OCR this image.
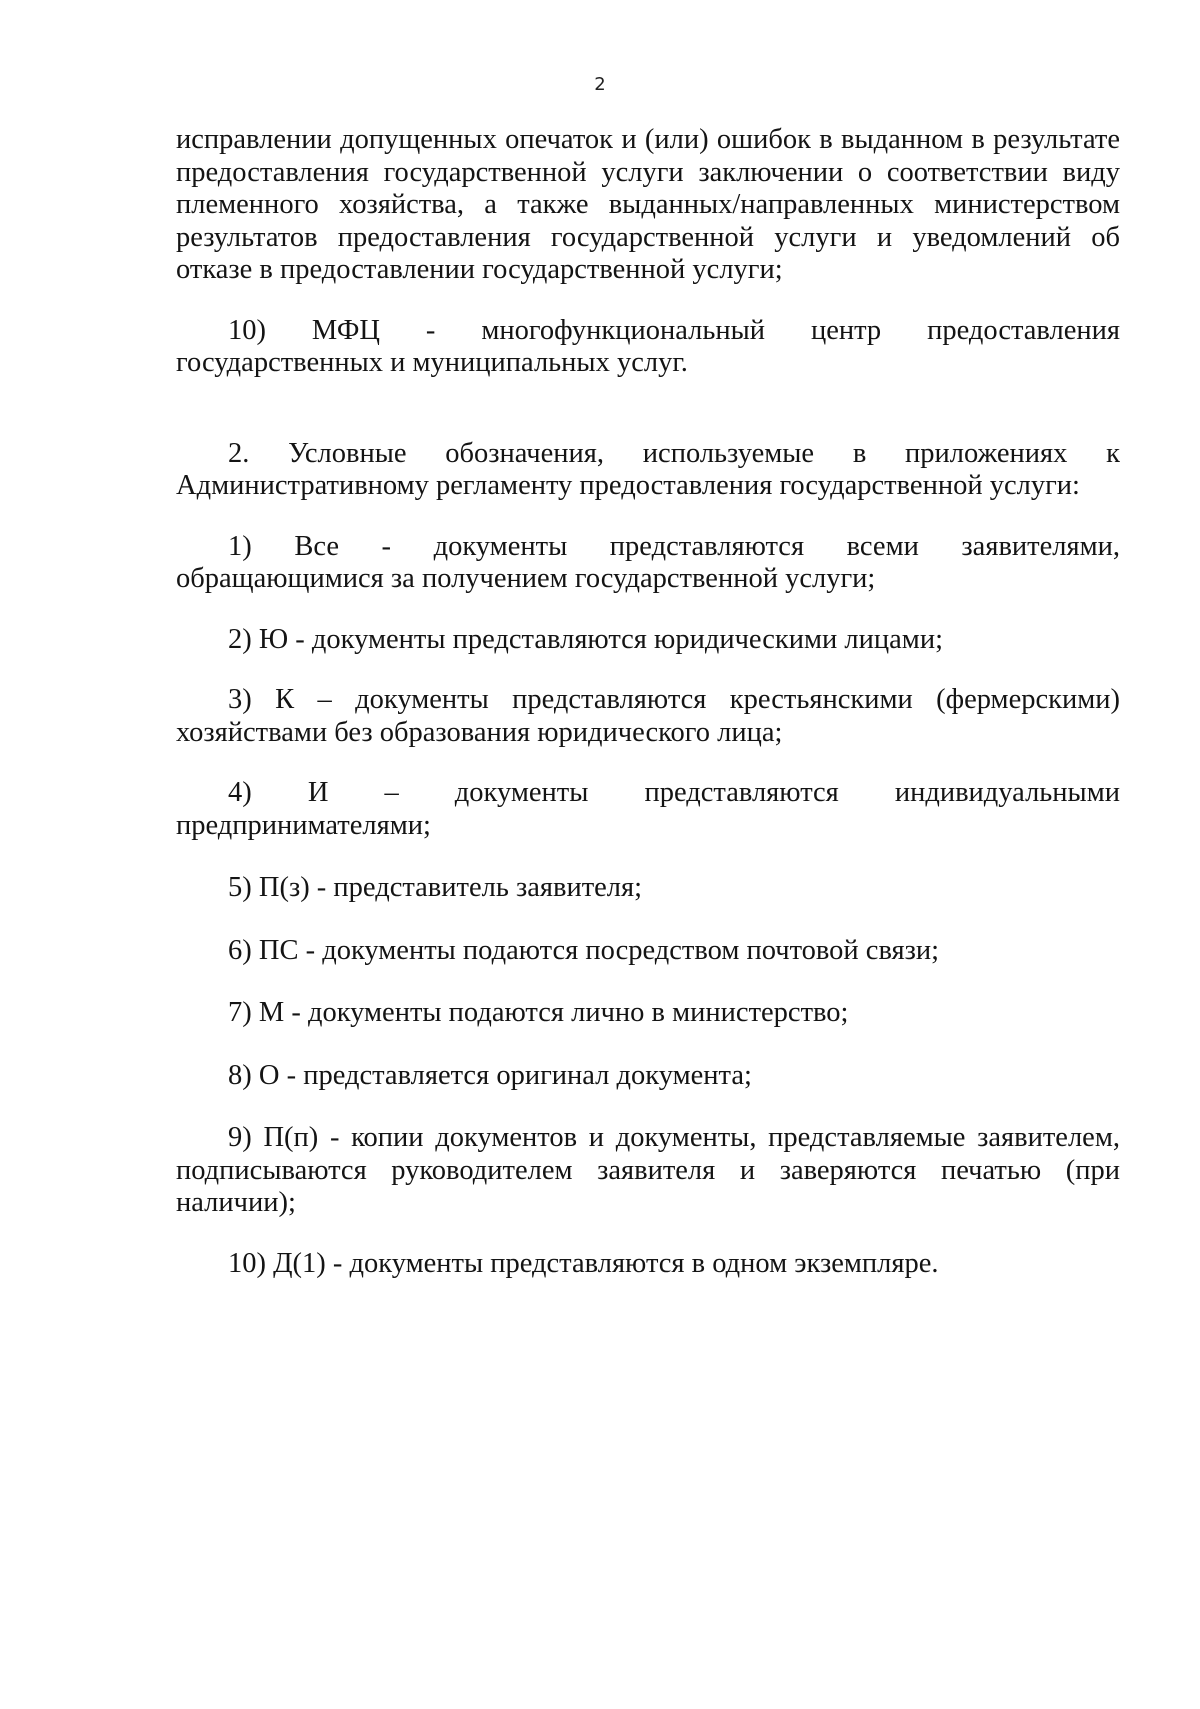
2

исправлении допущенных опечаток и (или) ошибок в выданном в результате предоставления государственной услуги заключении о соответствии виду племенного хозяйства, а также выданных/направленных министерством результатов предоставления государственной услуги и уведомлений об отказе в предоставлении государственной услуги;

10) МФЦ - многофункциональный центр предоставления

государственных и муниципальных услуг.

2. Условные обозначения, используемые в приложениях к Административному регламенту предоставления государственной услуги:

1) Все - документы представляются всеми заявителями, обращающимися за получением государственной услуги;

2) Ю - документы представляются юридическими лицами;

3) К – документы представляются крестьянскими (фермерскими) хозяйствами без образования юридического лица;

4) И – документы представляются индивидуальными предпринимателями;

5) П(з) - представитель заявителя;

6) ПС - документы подаются посредством почтовой связи;

7) М - документы подаются лично в министерство;

8) О - представляется оригинал документа;

9) П(п) - копии документов и документы, представляемые заявителем, подписываются руководителем заявителя и заверяются печатью (при наличии);

10) Д(1) - документы представляются в одном экземпляре.
